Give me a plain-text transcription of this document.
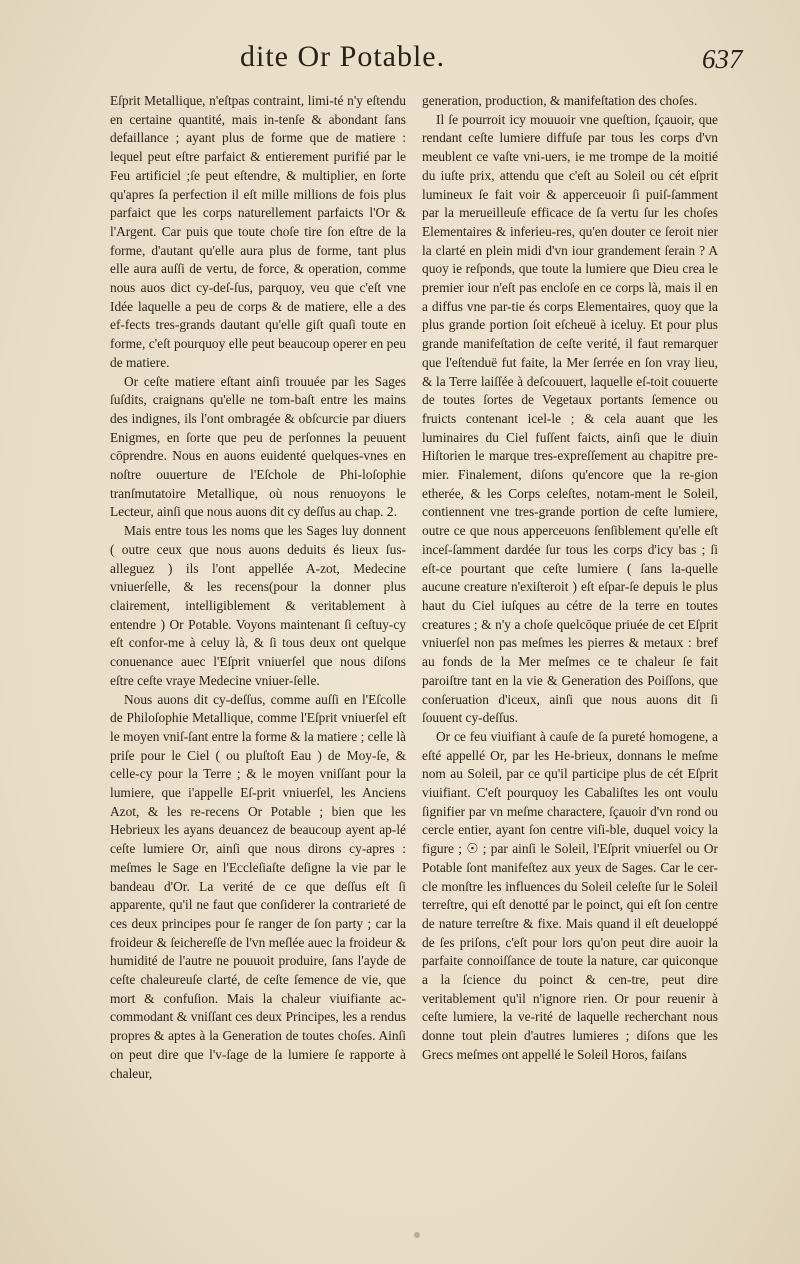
dite Or Potable.	637

Eſprit Metallique, n'eſtpas contraint, limi-té n'y eſtendu en certaine quantité, mais in-tenſe & abondant ſans defaillance ; ayant plus de forme que de matiere : lequel peut eſtre parfaict & entierement purifié par le Feu artificiel ;ſe peut eſtendre, & multiplier, en ſorte qu'apres ſa perfection il eſt mille millions de fois plus parfaict que les corps naturellement parfaicts l'Or & l'Argent. Car puis que toute choſe tire ſon eſtre de la forme, d'autant qu'elle aura plus de forme, tant plus elle aura auſſi de vertu, de force, & operation, comme nous auos dict cy-deſ-ſus, parquoy, veu que c'eſt vne Idée laquelle a peu de corps & de matiere, elle a des ef-fects tres-grands dautant qu'elle giſt quaſi toute en forme, c'eſt pourquoy elle peut beaucoup operer en peu de matiere.

Or ceſte matiere eſtant ainſi trouuée par les Sages ſuſdits, craignans qu'elle ne tom-baſt entre les mains des indignes, ils l'ont ombragée & obſcurcie par diuers Enigmes, en ſorte que peu de perſonnes la peuuent cōprendre. Nous en auons euidenté quelques-vnes en noſtre ouuerture de l'Eſchole de Phi-loſophie tranſmutatoire Metallique, où nous renuoyons le Lecteur, ainſi que nous auons dit cy deſſus au chap. 2.

Mais entre tous les noms que les Sages luy donnent ( outre ceux que nous auons deduits és lieux ſus-alleguez ) ils l'ont appellée A-zot, Medecine vniuerſelle, & les recens(pour la donner plus clairement, intelligiblement & veritablement à entendre ) Or Potable. Voyons maintenant ſi ceſtuy-cy eſt confor-me à celuy là, & ſi tous deux ont quelque conuenance auec l'Eſprit vniuerſel que nous diſons eſtre ceſte vraye Medecine vniuer-ſelle.

Nous auons dit cy-deſſus, comme auſſi en l'Eſcolle de Philoſophie Metallique, comme l'Eſprit vniuerſel eſt le moyen vniſ-ſant entre la forme & la matiere ; celle là priſe pour le Ciel ( ou pluſtoſt Eau ) de Moy-ſe, & celle-cy pour la Terre ; & le moyen vniſſant pour la lumiere, que i'appelle Eſ-prit vniuerſel, les Anciens Azot, & les re-recens Or Potable ; bien que les Hebrieux les ayans deuancez de beaucoup ayent ap-lé ceſte lumiere Or, ainſi que nous dirons cy-apres : meſmes le Sage en l'Eccleſiaſte deſigne la vie par le bandeau d'Or. La verité de ce que deſſus eſt ſi apparente, qu'il ne faut que conſiderer la contrarieté de ces deux principes pour ſe ranger de ſon party ; car la froideur & ſeichereſſe de l'vn meſlée auec la froideur & humidité de l'autre ne pouuoit produire, ſans l'ayde de ceſte chaleureuſe clarté, de ceſte ſemence de vie, que mort & confuſion. Mais la chaleur viuifiante ac-commodant & vniſſant ces deux Principes, les a rendus propres & aptes à la Generation de toutes choſes. Ainſi on peut dire que l'v-ſage de la lumiere ſe rapporte à chaleur,

generation, production, & manifeſtation des choſes.

Il ſe pourroit icy mouuoir vne queſtion, ſçauoir, que rendant ceſte lumiere diffuſe par tous les corps d'vn meublent ce vaſte vni-uers, ie me trompe de la moitié du iuſte prix, attendu que c'eſt au Soleil ou cét eſprit lumineux ſe fait voir & apperceuoir ſi puiſ-ſamment par la merueilleuſe efficace de ſa vertu ſur les choſes Elementaires & inferieu-res, qu'en douter ce ſeroit nier la clarté en plein midi d'vn iour grandement ſerain ? A quoy ie reſponds, que toute la lumiere que Dieu crea le premier iour n'eſt pas encloſe en ce corps là, mais il en a diffus vne par-tie és corps Elementaires, quoy que la plus grande portion ſoit eſcheuë à iceluy. Et pour plus grande manifeſtation de ceſte verité, il faut remarquer que l'eſtenduë fut faite, la Mer ſerrée en ſon vray lieu, & la Terre laiſſée à deſcouuert, laquelle eſ-toit couuerte de toutes ſortes de Vegetaux portants ſemence ou fruicts contenant icel-le ; & cela auant que les luminaires du Ciel fuſſent faicts, ainſi que le diuin Hiſtorien le marque tres-expreſſement au chapitre pre-mier. Finalement, diſons qu'encore que la re-gion etherée, & les Corps celeſtes, notam-ment le Soleil, contiennent vne tres-grande portion de ceſte lumiere, outre ce que nous apperceuons ſenſiblement qu'elle eſt inceſ-ſamment dardée ſur tous les corps d'icy bas ; ſi eſt-ce pourtant que ceſte lumiere ( ſans la-quelle aucune creature n'exiſteroit ) eſt eſpar-ſe depuis le plus haut du Ciel iuſques au cétre de la terre en toutes creatures ; & n'y a choſe quelcōque priuée de cet Eſprit vniuerſel non pas meſmes les pierres & metaux : bref au fonds de la Mer meſmes ce te chaleur ſe fait paroiſtre tant en la vie & Generation des Poiſſons, que conſeruation d'iceux, ainſi que nous auons dit ſi ſouuent cy-deſſus.

Or ce feu viuifiant à cauſe de ſa pureté homogene, a eſté appellé Or, par les He-brieux, donnans le meſme nom au Soleil, par ce qu'il participe plus de cét Eſprit viuifiant. C'eſt pourquoy les Cabaliſtes les ont voulu ſignifier par vn meſme charactere, ſçauoir d'vn rond ou cercle entier, ayant ſon centre viſi-ble, duquel voicy la figure ; ☉ ; par ainſi le Soleil, l'Eſprit vniuerſel ou Or Potable ſont manifeſtez aux yeux de Sages. Car le cer-cle monſtre les influences du Soleil celeſte ſur le Soleil terreſtre, qui eſt denotté par le poinct, qui eſt ſon centre de nature terreſtre & fixe. Mais quand il eſt deueloppé de ſes priſons, c'eſt pour lors qu'on peut dire auoir la parfaite connoiſſance de toute la nature, car quiconque a la ſcience du poinct & cen-tre, peut dire veritablement qu'il n'ignore rien. Or pour reuenir à ceſte lumiere, la ve-rité de laquelle recherchant nous donne tout plein d'autres lumieres ; diſons que les Grecs meſmes ont appellé le Soleil Horos, faiſans
